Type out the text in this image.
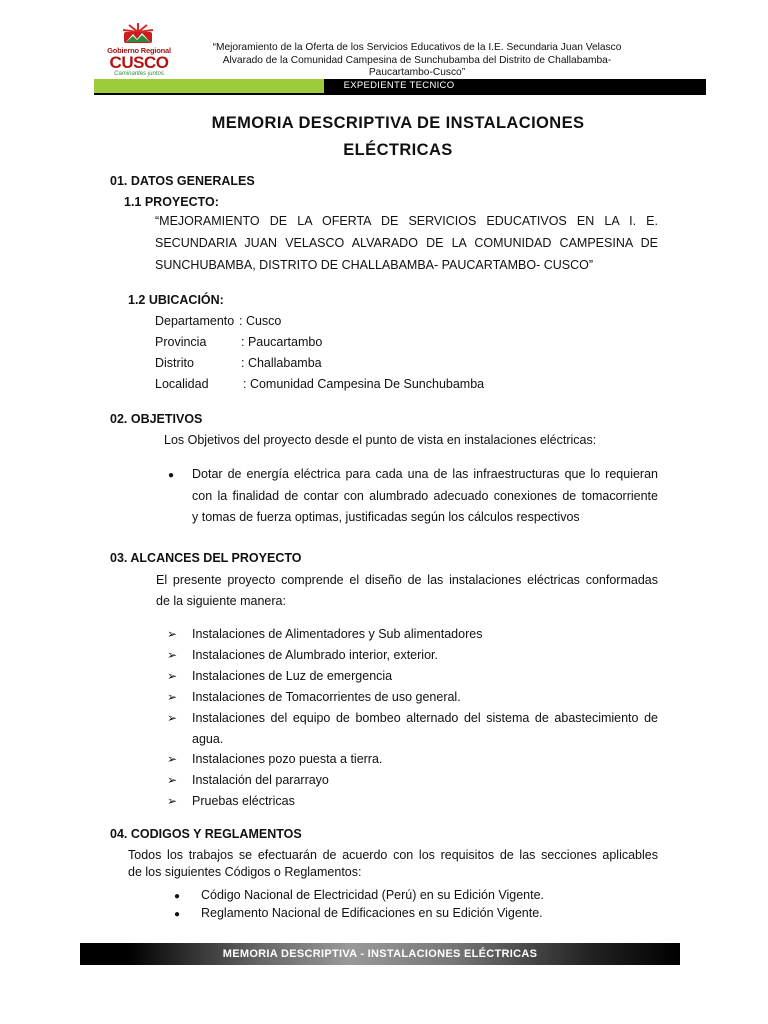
Gobierno Regional
CUSCO
Caminantes juntos
“Mejoramiento de la Oferta de los Servicios Educativos de la I.E. Secundaria Juan Velasco
Alvarado de la Comunidad Campesina de Sunchubamba del Distrito de Challabamba-
Paucartambo-Cusco”
EXPEDIENTE TECNICO
MEMORIA DESCRIPTIVA DE INSTALACIONES
ELÉCTRICAS
01. DATOS GENERALES
1.1 PROYECTO:
“MEJORAMIENTO DE LA OFERTA DE SERVICIOS EDUCATIVOS EN LA I. E.
SECUNDARIA JUAN VELASCO ALVARADO DE LA COMUNIDAD CAMPESINA DE
SUNCHUBAMBA, DISTRITO DE CHALLABAMBA- PAUCARTAMBO- CUSCO”
1.2 UBICACIÓN:
Departamento : Cusco
Provincia	: Paucartambo
Distrito	: Challabamba
Localidad	: Comunidad Campesina De Sunchubamba
02. OBJETIVOS
Los Objetivos del proyecto desde el punto de vista en instalaciones eléctricas:
● Dotar de energía eléctrica para cada una de las infraestructuras que lo requieran
con la finalidad de contar con alumbrado adecuado conexiones de tomacorriente
y tomas de fuerza optimas, justificadas según los cálculos respectivos
03. ALCANCES DEL PROYECTO
El presente proyecto comprende el diseño de las instalaciones eléctricas conformadas
de la siguiente manera:
➢ Instalaciones de Alimentadores y Sub alimentadores
➢ Instalaciones de Alumbrado interior, exterior.
➢ Instalaciones de Luz de emergencia
➢ Instalaciones de Tomacorrientes de uso general.
➢ Instalaciones del equipo de bombeo alternado del sistema de abastecimiento de
agua.
➢ Instalaciones pozo puesta a tierra.
➢ Instalación del pararrayo
➢ Pruebas eléctricas
04. CODIGOS Y REGLAMENTOS
Todos los trabajos se efectuarán de acuerdo con los requisitos de las secciones aplicables
de los siguientes Códigos o Reglamentos:
● Código Nacional de Electricidad (Perú) en su Edición Vigente.
● Reglamento Nacional de Edificaciones en su Edición Vigente.
MEMORIA DESCRIPTIVA - INSTALACIONES ELÉCTRICAS
